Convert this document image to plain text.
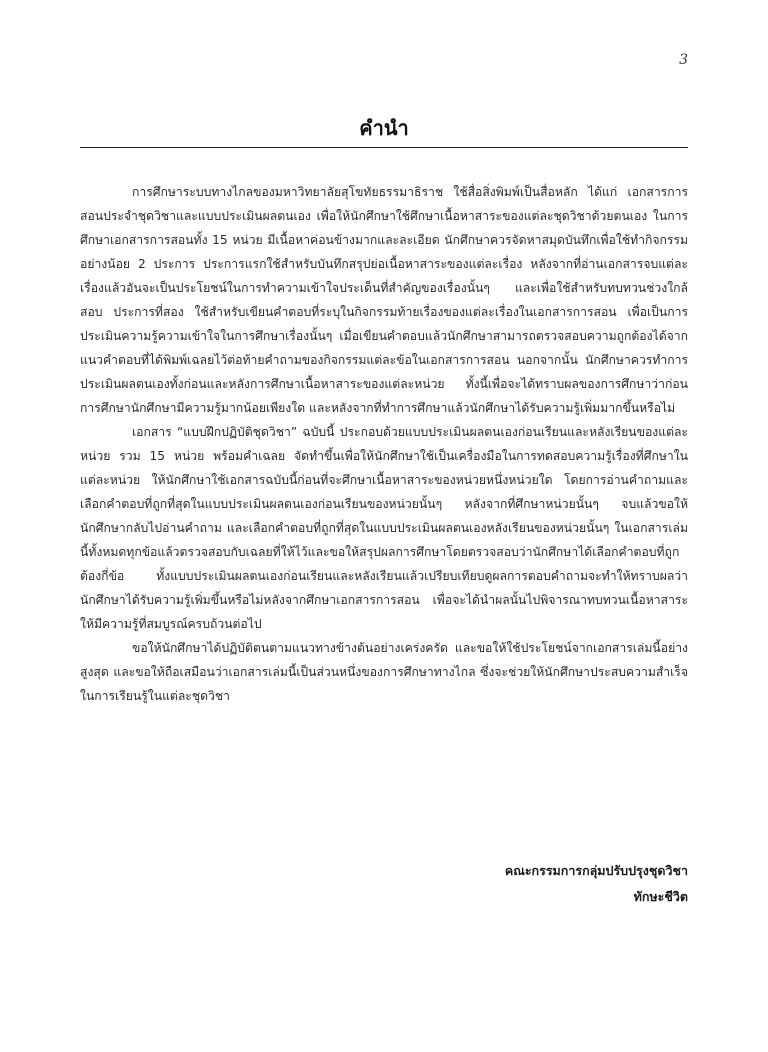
3
คำนำ

การศึกษาระบบทางไกลของมหาวิทยาลัยสุโขทัยธรรมาธิราช ใช้สื่อสิ่งพิมพ์เป็นสื่อหลัก ได้แก่ เอกสารการสอนประจำชุดวิชาและแบบประเมินผลตนเอง เพื่อให้นักศึกษาใช้ศึกษาเนื้อหาสาระของแต่ละชุดวิชาด้วยตนเอง ในการศึกษาเอกสารการสอนทั้ง 15 หน่วย มีเนื้อหาค่อนข้างมากและละเอียด นักศึกษาควรจัดหาสมุดบันทึกเพื่อใช้ทำกิจกรรมอย่างน้อย 2 ประการ ประการแรกใช้สำหรับบันทึกสรุปย่อเนื้อหาสาระของแต่ละเรื่อง หลังจากที่อ่านเอกสารจบแต่ละเรื่องแล้วอันจะเป็นประโยชน์ในการทำความเข้าใจประเด็นที่สำคัญของเรื่องนั้นๆ และเพื่อใช้สำหรับทบทวนช่วงใกล้สอบ ประการที่สอง ใช้สำหรับเขียนคำตอบที่ระบุในกิจกรรมท้ายเรื่องของแต่ละเรื่องในเอกสารการสอน เพื่อเป็นการประเมินความรู้ความเข้าใจในการศึกษาเรื่องนั้นๆ เมื่อเขียนคำตอบแล้วนักศึกษาสามารถตรวจสอบความถูกต้องได้จากแนวคำตอบที่ได้พิมพ์เฉลยไว้ต่อท้ายคำถามของกิจกรรมแต่ละข้อในเอกสารการสอน นอกจากนั้น นักศึกษาควรทำการประเมินผลตนเองทั้งก่อนและหลังการศึกษาเนื้อหาสาระของแต่ละหน่วย ทั้งนี้เพื่อจะได้ทราบผลของการศึกษาว่าก่อนการศึกษานักศึกษามีความรู้มากน้อยเพียงใด และหลังจากที่ทำการศึกษาแล้วนักศึกษาได้รับความรู้เพิ่มมากขึ้นหรือไม่

เอกสาร “แบบฝึกปฏิบัติชุดวิชา” ฉบับนี้ ประกอบด้วยแบบประเมินผลตนเองก่อนเรียนและหลังเรียนของแต่ละหน่วย รวม 15 หน่วย พร้อมคำเฉลย จัดทำขึ้นเพื่อให้นักศึกษาใช้เป็นเครื่องมือในการทดสอบความรู้เรื่องที่ศึกษาในแต่ละหน่วย ให้นักศึกษาใช้เอกสารฉบับนี้ก่อนที่จะศึกษาเนื้อหาสาระของหน่วยหนึ่งหน่วยใด โดยการอ่านคำถามและเลือกคำตอบที่ถูกที่สุดในแบบประเมินผลตนเองก่อนเรียนของหน่วยนั้นๆ หลังจากที่ศึกษาหน่วยนั้นๆ จบแล้วขอให้นักศึกษากลับไปอ่านคำถาม และเลือกคำตอบที่ถูกที่สุดในแบบประเมินผลตนเองหลังเรียนของหน่วยนั้นๆ ในเอกสารเล่มนี้ทั้งหมดทุกข้อแล้วตรวจสอบกับเฉลยที่ให้ไว้และขอให้สรุปผลการศึกษาโดยตรวจสอบว่านักศึกษาได้เลือกคำตอบที่ถูกต้องกี่ข้อ ทั้งแบบประเมินผลตนเองก่อนเรียนและหลังเรียนแล้วเปรียบเทียบดูผลการตอบคำถามจะทำให้ทราบผลว่านักศึกษาได้รับความรู้เพิ่มขึ้นหรือไม่หลังจากศึกษาเอกสารการสอน เพื่อจะได้นำผลนั้นไปพิจารณาทบทวนเนื้อหาสาระให้มีความรู้ที่สมบูรณ์ครบถ้วนต่อไป

ขอให้นักศึกษาได้ปฏิบัติตนตามแนวทางข้างต้นอย่างเคร่งครัด และขอให้ใช้ประโยชน์จากเอกสารเล่มนี้อย่างสูงสุด และขอให้ถือเสมือนว่าเอกสารเล่มนี้เป็นส่วนหนึ่งของการศึกษาทางไกล ซึ่งจะช่วยให้นักศึกษาประสบความสำเร็จในการเรียนรู้ในแต่ละชุดวิชา

คณะกรรมการกลุ่มปรับปรุงชุดวิชา
ทักษะชีวิต
